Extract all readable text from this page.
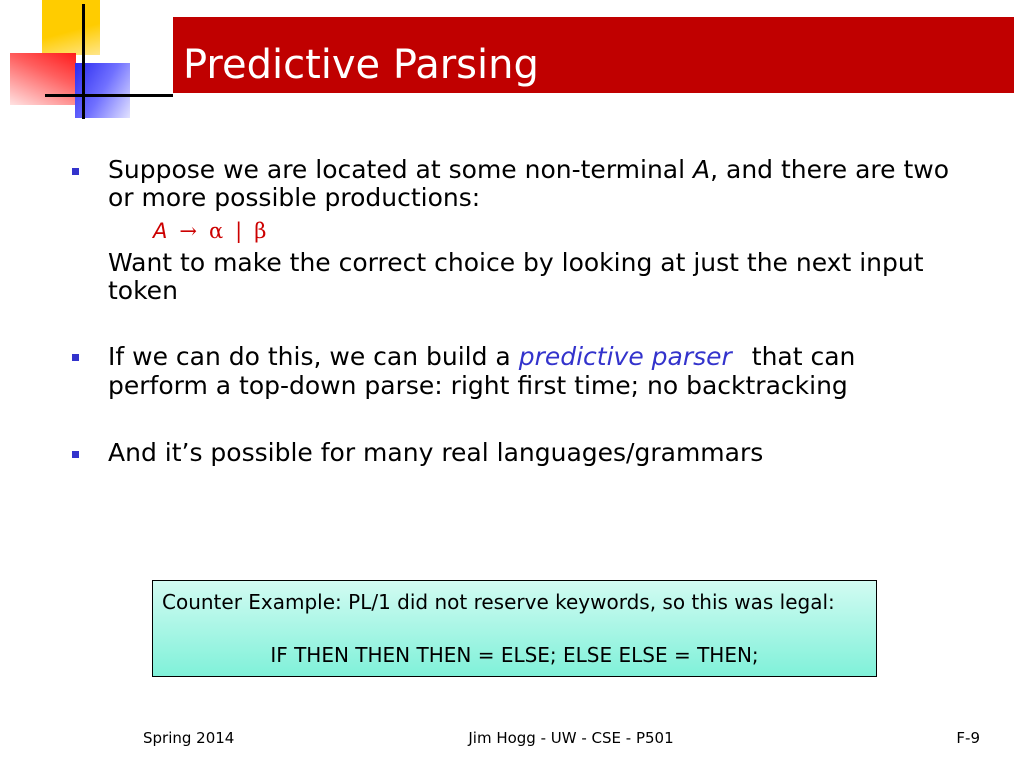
Predictive Parsing
Suppose we are located at some non-terminal A, and there are two
or more possible productions:
A → α | β
Want to make the correct choice by looking at just the next input
token
If we can do this, we can build a predictive parser that can
perform a top-down parse: right first time; no backtracking
And it’s possible for many real languages/grammars
Counter Example: PL/1 did not reserve keywords, so this was legal:
IF THEN THEN THEN = ELSE; ELSE ELSE = THEN;
Spring 2014	Jim Hogg - UW - CSE - P501	F-9
